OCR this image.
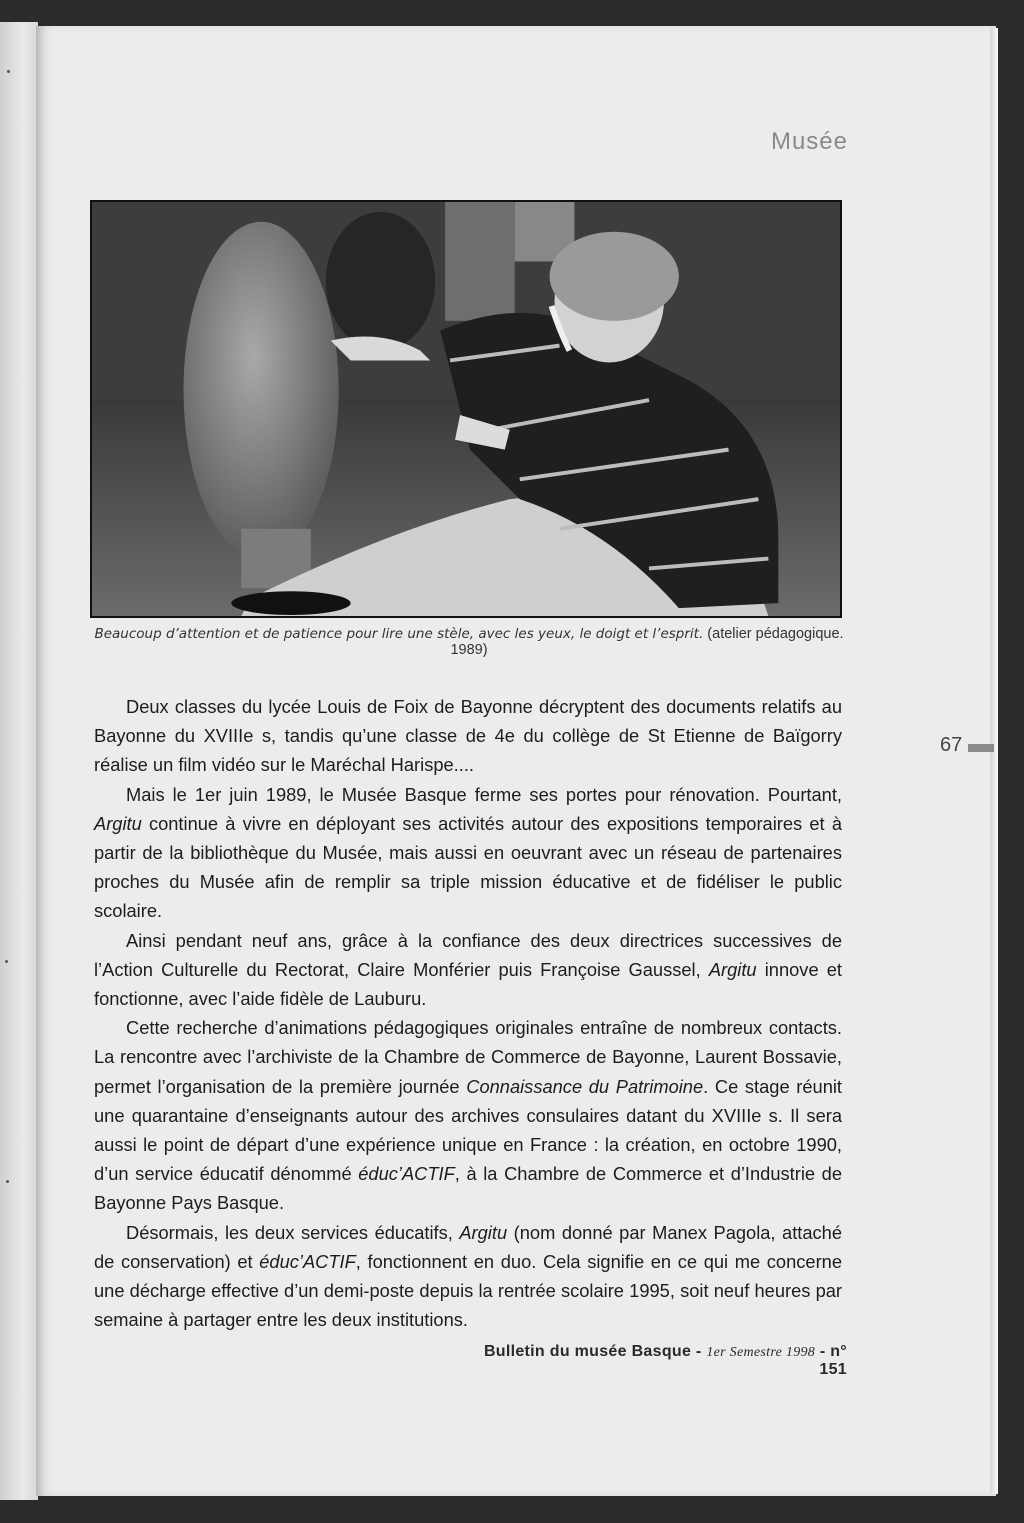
Musée
Beaucoup d’attention et de patience pour lire une stèle, avec les yeux, le doigt et l’esprit. (atelier pédagogique. 1989)

Deux classes du lycée Louis de Foix de Bayonne décryptent des documents relatifs au Bayonne du XVIIIe s, tandis qu’une classe de 4e du collège de St Etienne de Baïgorry réalise un film vidéo sur le Maréchal Harispe....

Mais le 1er juin 1989, le Musée Basque ferme ses portes pour rénovation. Pourtant, Argitu continue à vivre en déployant ses activités autour des expositions temporaires et à partir de la bibliothèque du Musée, mais aussi en oeuvrant avec un réseau de partenaires proches du Musée afin de remplir sa triple mission éducative et de fidéliser le public scolaire.

Ainsi pendant neuf ans, grâce à la confiance des deux directrices successives de l’Action Culturelle du Rectorat, Claire Monférier puis Françoise Gaussel, Argitu innove et fonctionne, avec l’aide fidèle de Lauburu.

Cette recherche d’animations pédagogiques originales entraîne de nombreux contacts. La rencontre avec l’archiviste de la Chambre de Commerce de Bayonne, Laurent Bossavie, permet l’organisation de la première journée Connaissance du Patrimoine. Ce stage réunit une quarantaine d’enseignants autour des archives consulaires datant du XVIIIe s. Il sera aussi le point de départ d’une expérience unique en France : la création, en octobre 1990, d’un service éducatif dénommé éduc’ACTIF, à la Chambre de Commerce et d’Industrie de Bayonne Pays Basque.

Désormais, les deux services éducatifs, Argitu (nom donné par Manex Pagola, attaché de conservation) et éduc’ACTIF, fonctionnent en duo. Cela signifie en ce qui me concerne une décharge effective d’un demi-poste depuis la rentrée scolaire 1995, soit neuf heures par semaine à partager entre les deux institutions.

67
Bulletin du musée Basque - 1er Semestre 1998 - n° 151
